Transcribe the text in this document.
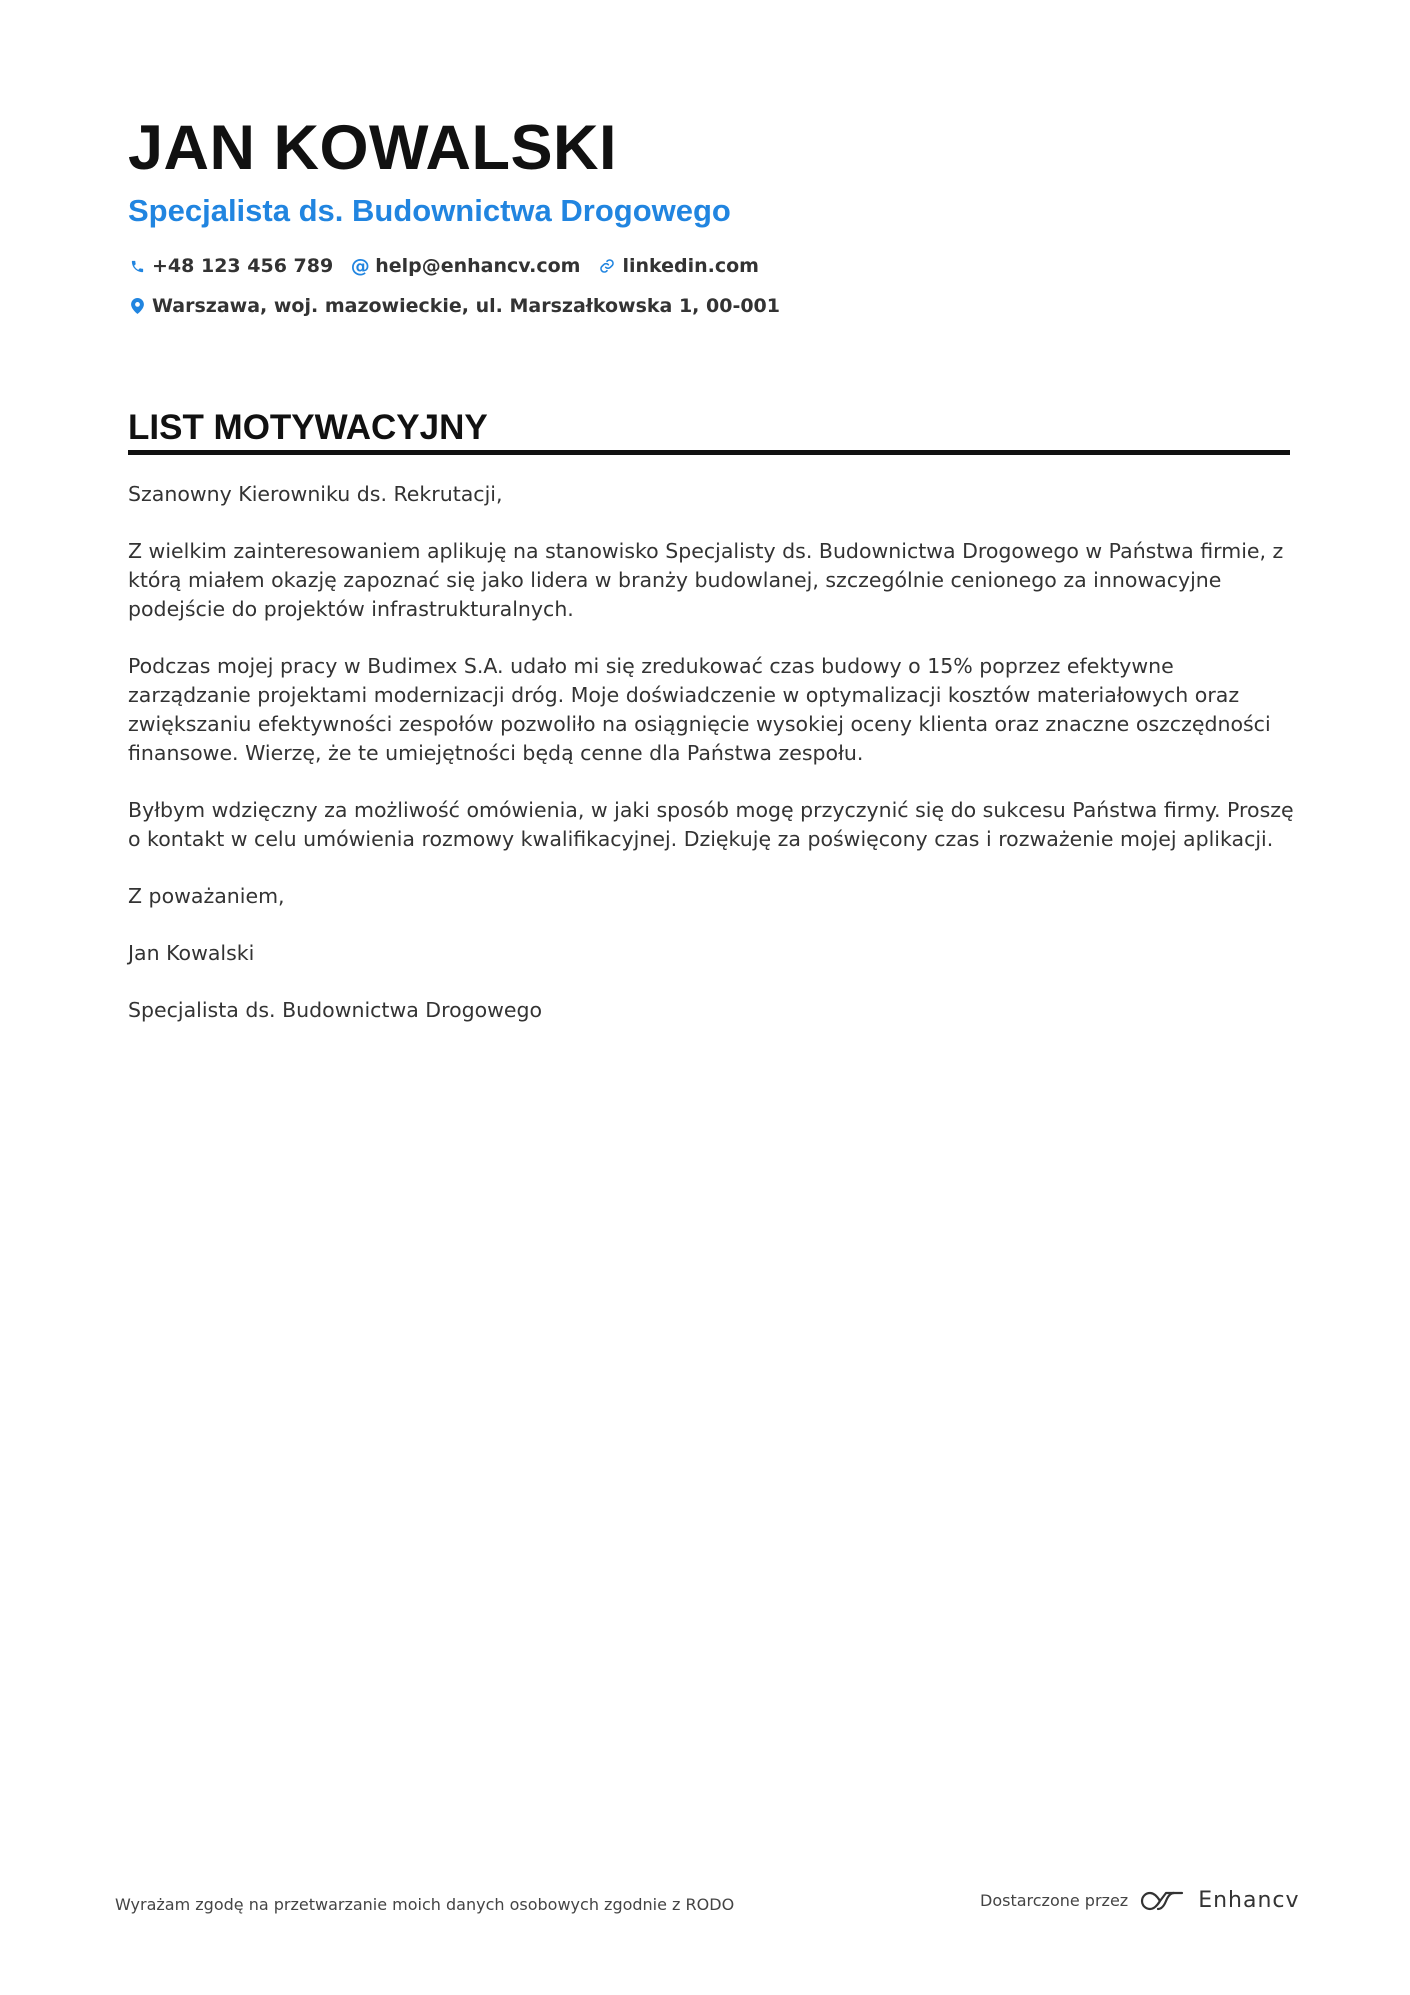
JAN KOWALSKI
Specjalista ds. Budownictwa Drogowego
+48 123 456 789 @ help@enhancv.com linkedin.com
Warszawa, woj. mazowieckie, ul. Marszałkowska 1, 00-001
LIST MOTYWACYJNY

Szanowny Kierowniku ds. Rekrutacji,

Z wielkim zainteresowaniem aplikuję na stanowisko Specjalisty ds. Budownictwa Drogowego w Państwa firmie, z którą miałem okazję zapoznać się jako lidera w branży budowlanej, szczególnie cenionego za innowacyjne podejście do projektów infrastrukturalnych.

Podczas mojej pracy w Budimex S.A. udało mi się zredukować czas budowy o 15% poprzez efektywne zarządzanie projektami modernizacji dróg. Moje doświadczenie w optymalizacji kosztów materiałowych oraz zwiększaniu efektywności zespołów pozwoliło na osiągnięcie wysokiej oceny klienta oraz znaczne oszczędności finansowe. Wierzę, że te umiejętności będą cenne dla Państwa zespołu.

Byłbym wdzięczny za możliwość omówienia, w jaki sposób mogę przyczynić się do sukcesu Państwa firmy. Proszę o kontakt w celu umówienia rozmowy kwalifikacyjnej. Dziękuję za poświęcony czas i rozważenie mojej aplikacji.

Z poważaniem,

Jan Kowalski

Specjalista ds. Budownictwa Drogowego

Wyrażam zgodę na przetwarzanie moich danych osobowych zgodnie z RODO	Dostarczone przez	Enhancv
